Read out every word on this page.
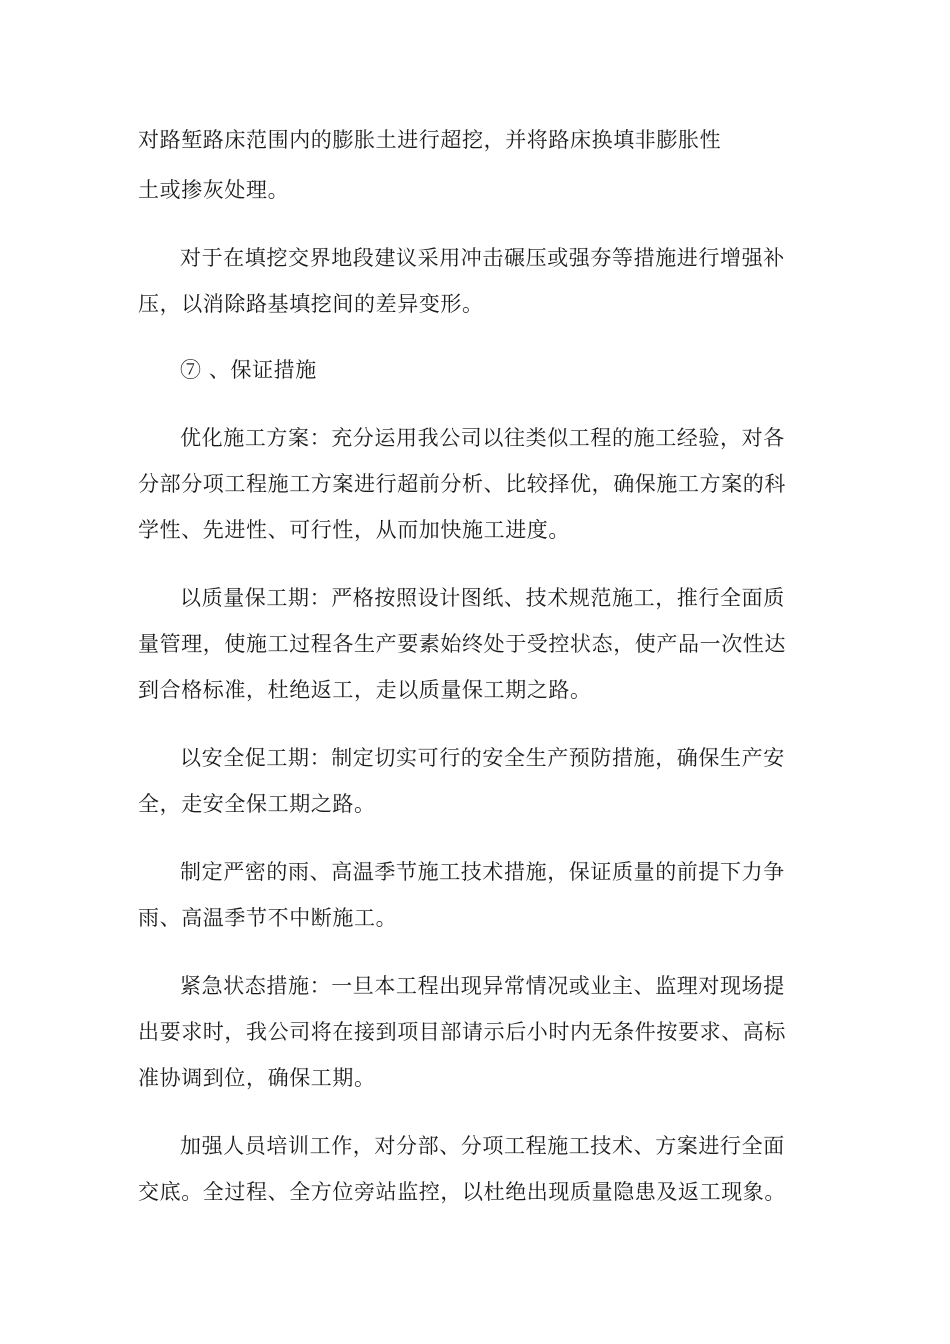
对路堑路床范围内的膨胀土进行超挖，并将路床换填非膨胀性
土或掺灰处理。
对于在填挖交界地段建议采用冲击碾压或强夯等措施进行增强补
压，以消除路基填挖间的差异变形。
⑦ 、保证措施
优化施工方案：充分运用我公司以往类似工程的施工经验，对各
分部分项工程施工方案进行超前分析、比较择优，确保施工方案的科
学性、先进性、可行性，从而加快施工进度。
以质量保工期：严格按照设计图纸、技术规范施工，推行全面质
量管理，使施工过程各生产要素始终处于受控状态，使产品一次性达
到合格标准，杜绝返工，走以质量保工期之路。
以安全促工期：制定切实可行的安全生产预防措施，确保生产安
全，走安全保工期之路。
制定严密的雨、高温季节施工技术措施，保证质量的前提下力争
雨、高温季节不中断施工。
紧急状态措施：一旦本工程出现异常情况或业主、监理对现场提
出要求时，我公司将在接到项目部请示后小时内无条件按要求、高标
准协调到位，确保工期。
加强人员培训工作，对分部、分项工程施工技术、方案进行全面
交底。全过程、全方位旁站监控，以杜绝出现质量隐患及返工现象。
